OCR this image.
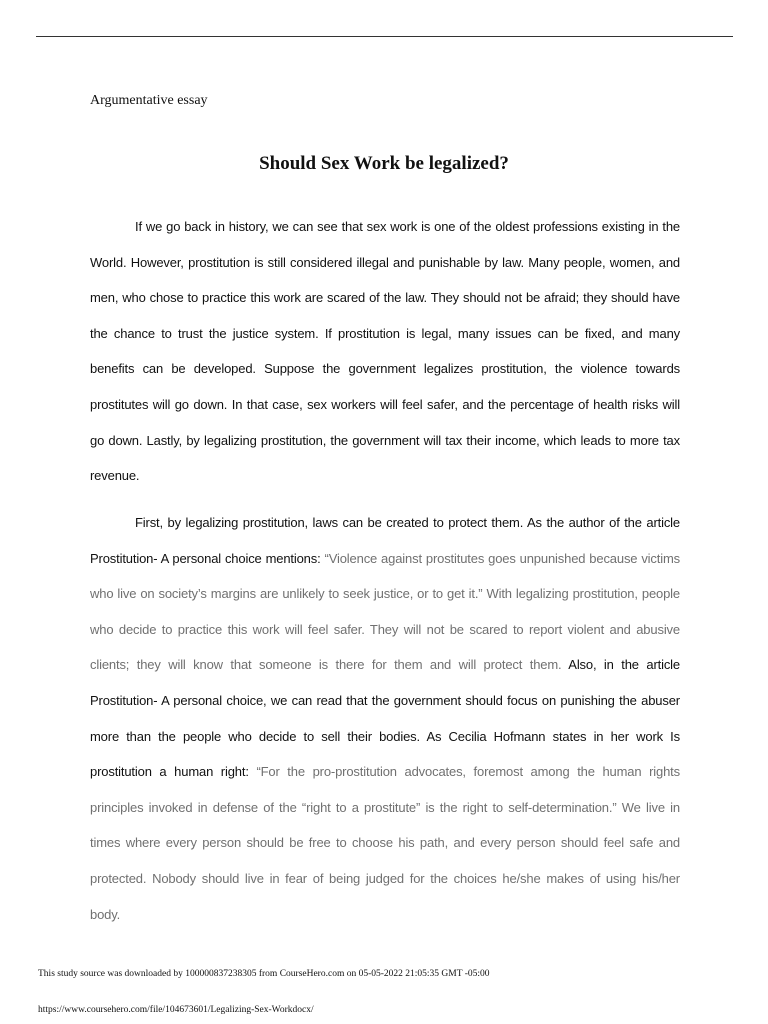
Argumentative essay
Should Sex Work be legalized?
If we go back in history, we can see that sex work is one of the oldest professions existing in the World. However, prostitution is still considered illegal and punishable by law. Many people, women, and men, who chose to practice this work are scared of the law. They should not be afraid; they should have the chance to trust the justice system. If prostitution is legal, many issues can be fixed, and many benefits can be developed. Suppose the government legalizes prostitution, the violence towards prostitutes will go down. In that case, sex workers will feel safer, and the percentage of health risks will go down. Lastly, by legalizing prostitution, the government will tax their income, which leads to more tax revenue.
First, by legalizing prostitution, laws can be created to protect them. As the author of the article Prostitution- A personal choice mentions: “Violence against prostitutes goes unpunished because victims who live on society’s margins are unlikely to seek justice, or to get it.” With legalizing prostitution, people who decide to practice this work will feel safer. They will not be scared to report violent and abusive clients; they will know that someone is there for them and will protect them. Also, in the article Prostitution- A personal choice, we can read that the government should focus on punishing the abuser more than the people who decide to sell their bodies. As Cecilia Hofmann states in her work Is prostitution a human right: “For the pro-prostitution advocates, foremost among the human rights principles invoked in defense of the “right to a prostitute” is the right to self-determination.” We live in times where every person should be free to choose his path, and every person should feel safe and protected. Nobody should live in fear of being judged for the choices he/she makes of using his/her body.
This study source was downloaded by 100000837238305 from CourseHero.com on 05-05-2022 21:05:35 GMT -05:00
https://www.coursehero.com/file/104673601/Legalizing-Sex-Workdocx/
